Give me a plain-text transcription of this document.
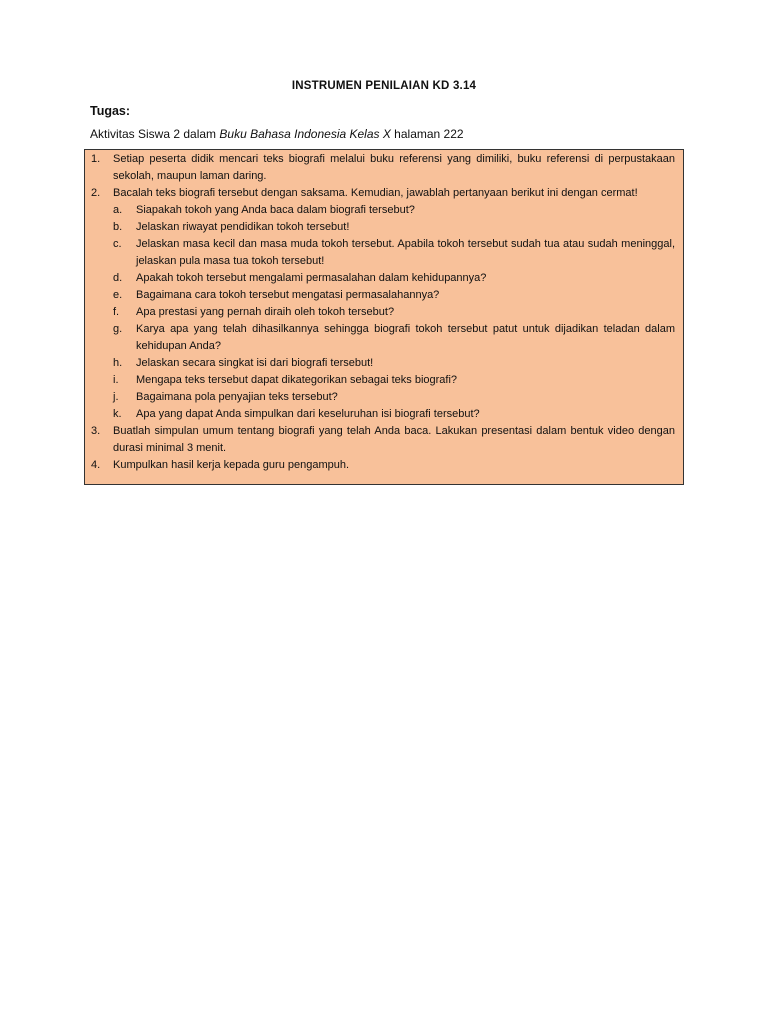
INSTRUMEN PENILAIAN KD 3.14
Tugas:
Aktivitas Siswa 2 dalam Buku Bahasa Indonesia Kelas X halaman 222
1.	Setiap peserta didik mencari teks biografi melalui buku referensi yang dimiliki, buku referensi di perpustakaan sekolah, maupun laman daring.
2.	Bacalah teks biografi tersebut dengan saksama. Kemudian, jawablah pertanyaan berikut ini dengan cermat!
a.	Siapakah tokoh yang Anda baca dalam biografi tersebut?
b.	Jelaskan riwayat pendidikan tokoh tersebut!
c.	Jelaskan masa kecil dan masa muda tokoh tersebut. Apabila tokoh tersebut sudah tua atau sudah meninggal, jelaskan pula masa tua tokoh tersebut!
d.	Apakah tokoh tersebut mengalami permasalahan dalam kehidupannya?
e.	Bagaimana cara tokoh tersebut mengatasi permasalahannya?
f.	Apa prestasi yang pernah diraih oleh tokoh tersebut?
g.	Karya apa yang telah dihasilkannya sehingga biografi tokoh tersebut patut untuk dijadikan teladan dalam kehidupan Anda?
h.	Jelaskan secara singkat isi dari biografi tersebut!
i.	Mengapa teks tersebut dapat dikategorikan sebagai teks biografi?
j.	Bagaimana pola penyajian teks tersebut?
k.	Apa yang dapat Anda simpulkan dari keseluruhan isi biografi tersebut?
3.	Buatlah simpulan umum tentang biografi yang telah Anda baca. Lakukan presentasi dalam bentuk video dengan durasi minimal 3 menit.
4.	Kumpulkan hasil kerja kepada guru pengampuh.
